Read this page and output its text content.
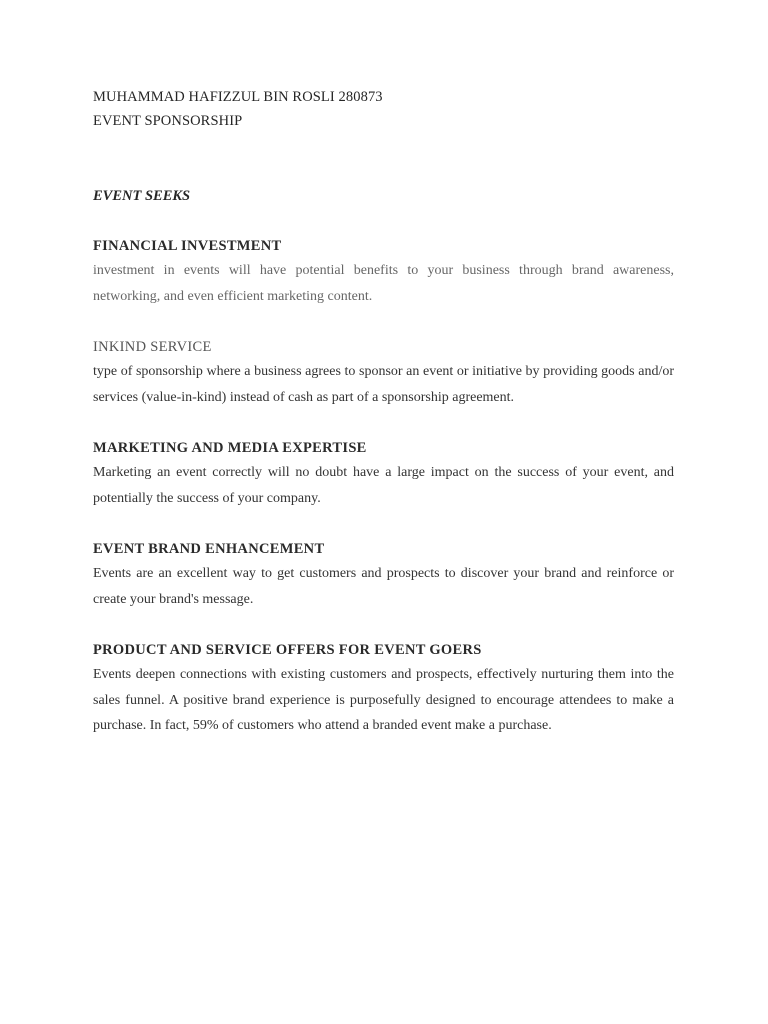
MUHAMMAD HAFIZZUL BIN ROSLI 280873
EVENT SPONSORSHIP
EVENT SEEKS
FINANCIAL INVESTMENT
investment in events will have potential benefits to your business through brand awareness, networking, and even efficient marketing content.
INKIND SERVICE
type of sponsorship where a business agrees to sponsor an event or initiative by providing goods and/or services (value-in-kind) instead of cash as part of a sponsorship agreement.
MARKETING AND MEDIA EXPERTISE
Marketing an event correctly will no doubt have a large impact on the success of your event, and potentially the success of your company.
EVENT BRAND ENHANCEMENT
Events are an excellent way to get customers and prospects to discover your brand and reinforce or create your brand's message.
PRODUCT AND SERVICE OFFERS FOR EVENT GOERS
Events deepen connections with existing customers and prospects, effectively nurturing them into the sales funnel. A positive brand experience is purposefully designed to encourage attendees to make a purchase. In fact, 59% of customers who attend a branded event make a purchase.
